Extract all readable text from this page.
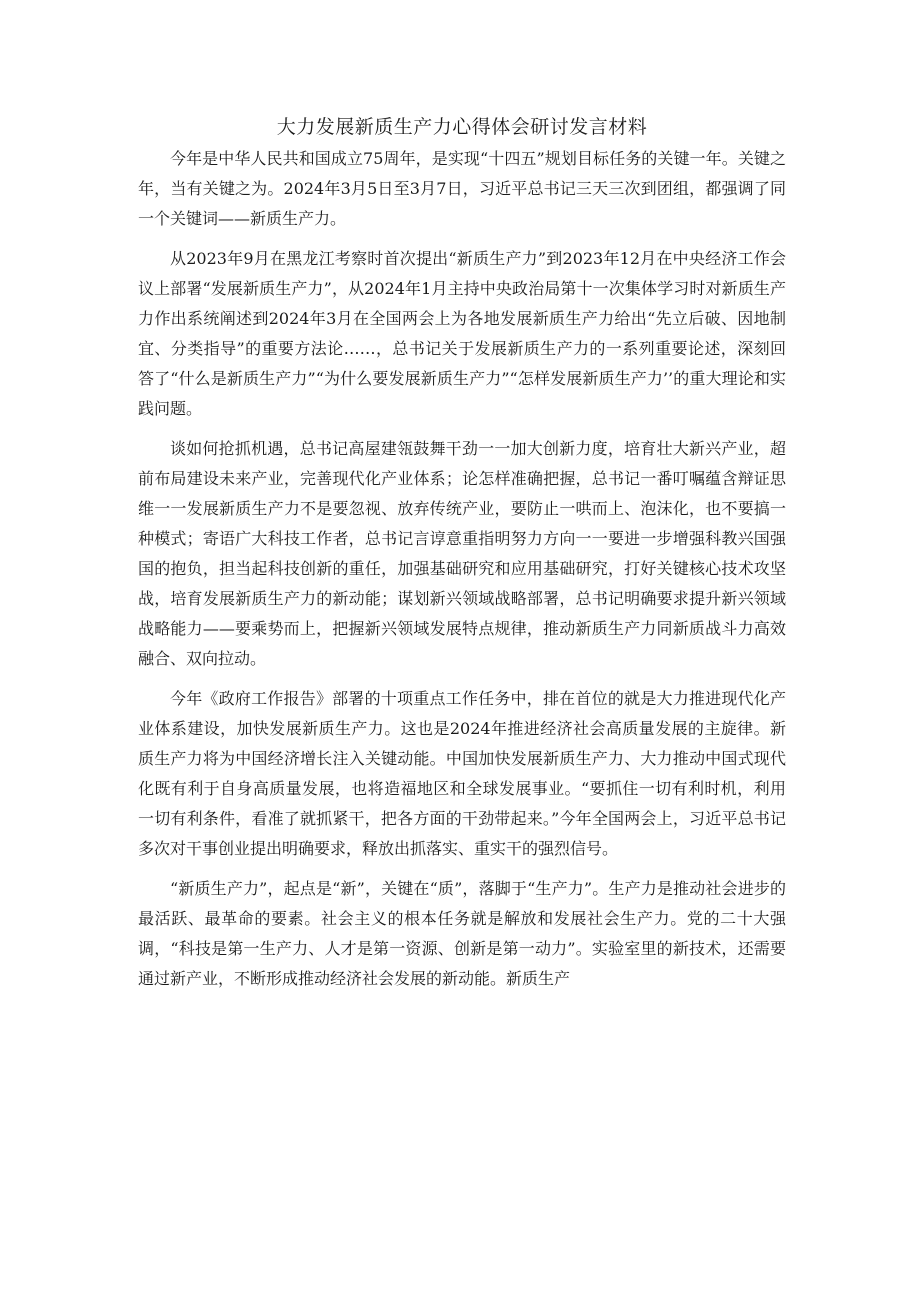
大力发展新质生产力心得体会研讨发言材料

今年是中华人民共和国成立75周年，是实现“十四五”规划目标任务的关键一年。关键之年，当有关键之为。2024年3月5日至3月7日，习近平总书记三天三次到团组，都强调了同一个关键词——新质生产力。

从2023年9月在黑龙江考察时首次提出“新质生产力”到2023年12月在中央经济工作会议上部署“发展新质生产力”，从2024年1月主持中央政治局第十一次集体学习时对新质生产力作出系统阐述到2024年3月在全国两会上为各地发展新质生产力给出“先立后破、因地制宜、分类指导”的重要方法论……，总书记关于发展新质生产力的一系列重要论述，深刻回答了“什么是新质生产力”“为什么要发展新质生产力”“怎样发展新质生产力’’的重大理论和实践问题。

谈如何抢抓机遇，总书记高屋建瓴鼓舞干劲一一加大创新力度，培育壮大新兴产业，超前布局建设未来产业，完善现代化产业体系；论怎样准确把握，总书记一番叮嘱蕴含辩证思维一一发展新质生产力不是要忽视、放弃传统产业，要防止一哄而上、泡沫化，也不要搞一种模式；寄语广大科技工作者，总书记言谆意重指明努力方向一一要进一步增强科教兴国强国的抱负，担当起科技创新的重任，加强基础研究和应用基础研究，打好关键核心技术攻坚战，培育发展新质生产力的新动能；谋划新兴领域战略部署，总书记明确要求提升新兴领域战略能力——要乘势而上，把握新兴领域发展特点规律，推动新质生产力同新质战斗力高效融合、双向拉动。

今年《政府工作报告》部署的十项重点工作任务中，排在首位的就是大力推进现代化产业体系建设，加快发展新质生产力。这也是2024年推进经济社会高质量发展的主旋律。新质生产力将为中国经济增长注入关键动能。中国加快发展新质生产力、大力推动中国式现代化既有利于自身高质量发展，也将造福地区和全球发展事业。“要抓住一切有利时机，利用一切有利条件，看准了就抓紧干，把各方面的干劲带起来。”今年全国两会上，习近平总书记多次对干事创业提出明确要求，释放出抓落实、重实干的强烈信号。

“新质生产力”，起点是“新”，关键在“质”，落脚于“生产力”。生产力是推动社会进步的最活跃、最革命的要素。社会主义的根本任务就是解放和发展社会生产力。党的二十大强调，“科技是第一生产力、人才是第一资源、创新是第一动力”。实验室里的新技术，还需要通过新产业，不断形成推动经济社会发展的新动能。新质生产
